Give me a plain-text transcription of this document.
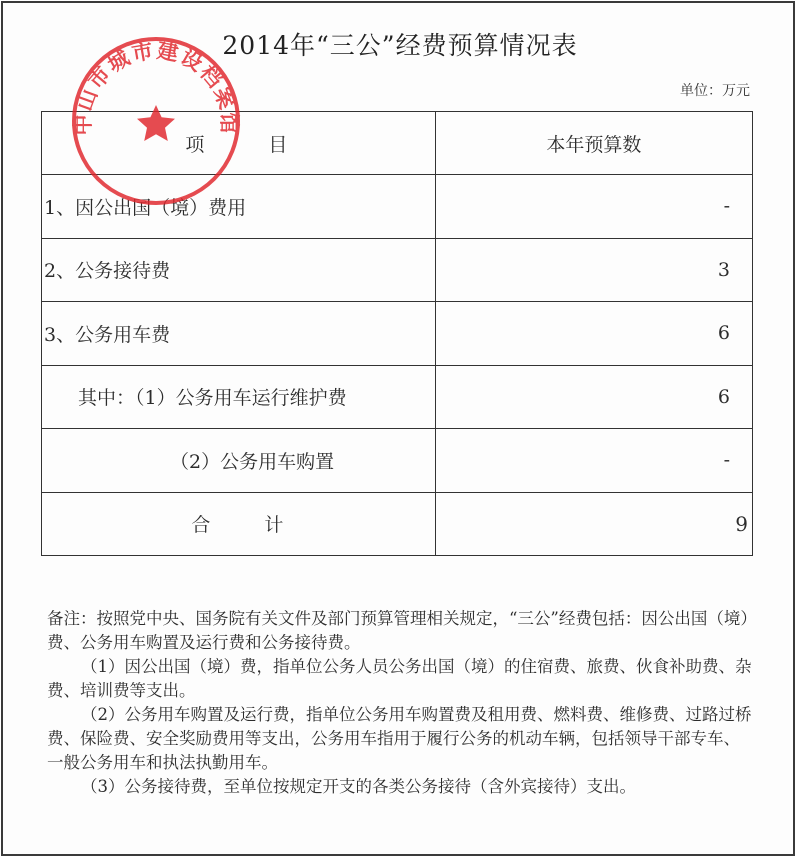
2014年“三公”经费预算情况表
单位：万元
项 目	本年预算数
1、因公出国（境）费用	-
2、公务接待费	3
3、公务用车费	6
其中：（1）公务用车运行维护费	6
（2）公务用车购置	-
合 计	9

备注：按照党中央、国务院有关文件及部门预算管理相关规定，“三公”经费包括：因公出国（境）费、公务用车购置及运行费和公务接待费。

（1）因公出国（境）费，指单位公务人员公务出国（境）的住宿费、旅费、伙食补助费、杂费、培训费等支出。

（2）公务用车购置及运行费，指单位公务用车购置费及租用费、燃料费、维修费、过路过桥费、保险费、安全奖励费用等支出，公务用车指用于履行公务的机动车辆，包括领导干部专车、一般公务用车和执法执勤用车。

（3）公务接待费，至单位按规定开支的各类公务接待（含外宾接待）支出。

中山市城市建设档案馆
